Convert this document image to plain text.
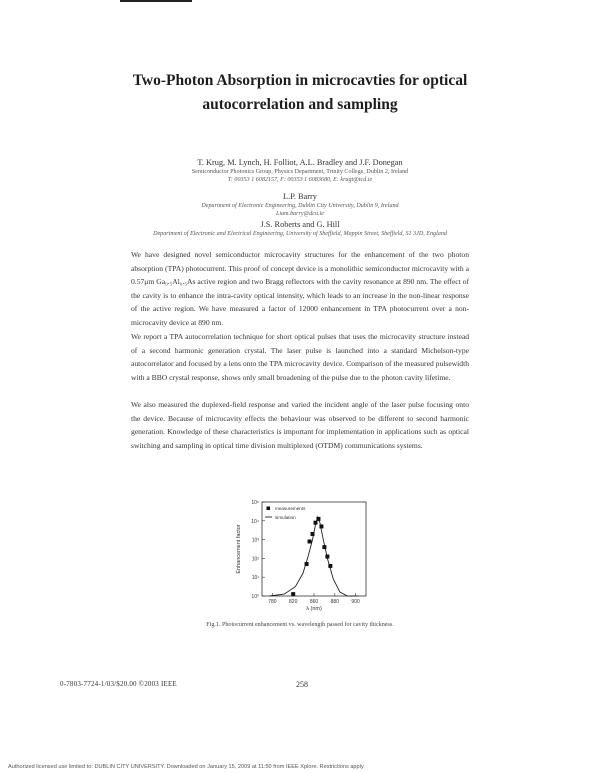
Two-Photon Absorption in microcavties for optical
autocorrelation and sampling
T. Krug, M. Lynch, H. Folliot, A.L. Bradley and J.F. Donegan
Semiconductor Photonics Group, Physics Department, Trinity College, Dublin 2, Ireland
T: 00353 1 6082157, F: 00353 1 6083680, E: krugt@tcd.ie
L.P. Barry
Department of Electronic Engineering, Dublin City University, Dublin 9, Ireland
Liam.barry@dcu.ie
J.S. Roberts and G. Hill
Department of Electronic and Electrical Engineering, University of Sheffield, Mappin Street, Sheffield, S1 3JD, England

We have designed novel semiconductor microcavity structures for the enhancement of the two photon absorption (TPA) photocurrent. This proof of concept device is a monolithic semiconductor microcavity with a 0.57μm Ga₀.₅Al₀.₅As active region and two Bragg reflectors with the cavity resonance at 890 nm. The effect of the cavity is to enhance the intra-cavity optical intensity, which leads to an increase in the non-linear response of the active region. We have measured a factor of 12000 enhancement in TPA photocurrent over a non-microcavity device at 890 nm.

We report a TPA autocorrelation technique for short optical pulses that uses the microcavity structure instead of a second harmonic generation crystal. The laser pulse is launched into a standard Michelson-type autocorrelator and focused by a lens onto the TPA microcavity device. Comparison of the measured pulsewidth with a BBO crystal response, shows only small broadening of the pulse due to the photon cavity lifetime.

We also measured the duplexed-field response and varied the incident angle of the laser pulse focusing onto the device. Because of microcavity effects the behaviour was observed to be different to second harmonic generation. Knowledge of these characteristics is important for implementation in applications such as optical switching and sampling in optical time division multiplexed (OTDM) communications systems.

10⁰
10¹
10²
10³
10⁴
10⁵
780 820 860 880 900
λ (nm)
Enhancement factor
measurements
simulation
Fig.1. Photocurrent enhancement vs. wavelength passed for cavity thickness.
0-7803-7724-1/03/$20.00 ©2003 IEEE	258
Authorized licensed use limited to: DUBLIN CITY UNIVERSITY. Downloaded on January 15, 2009 at 11:50 from IEEE Xplore. Restrictions apply.
